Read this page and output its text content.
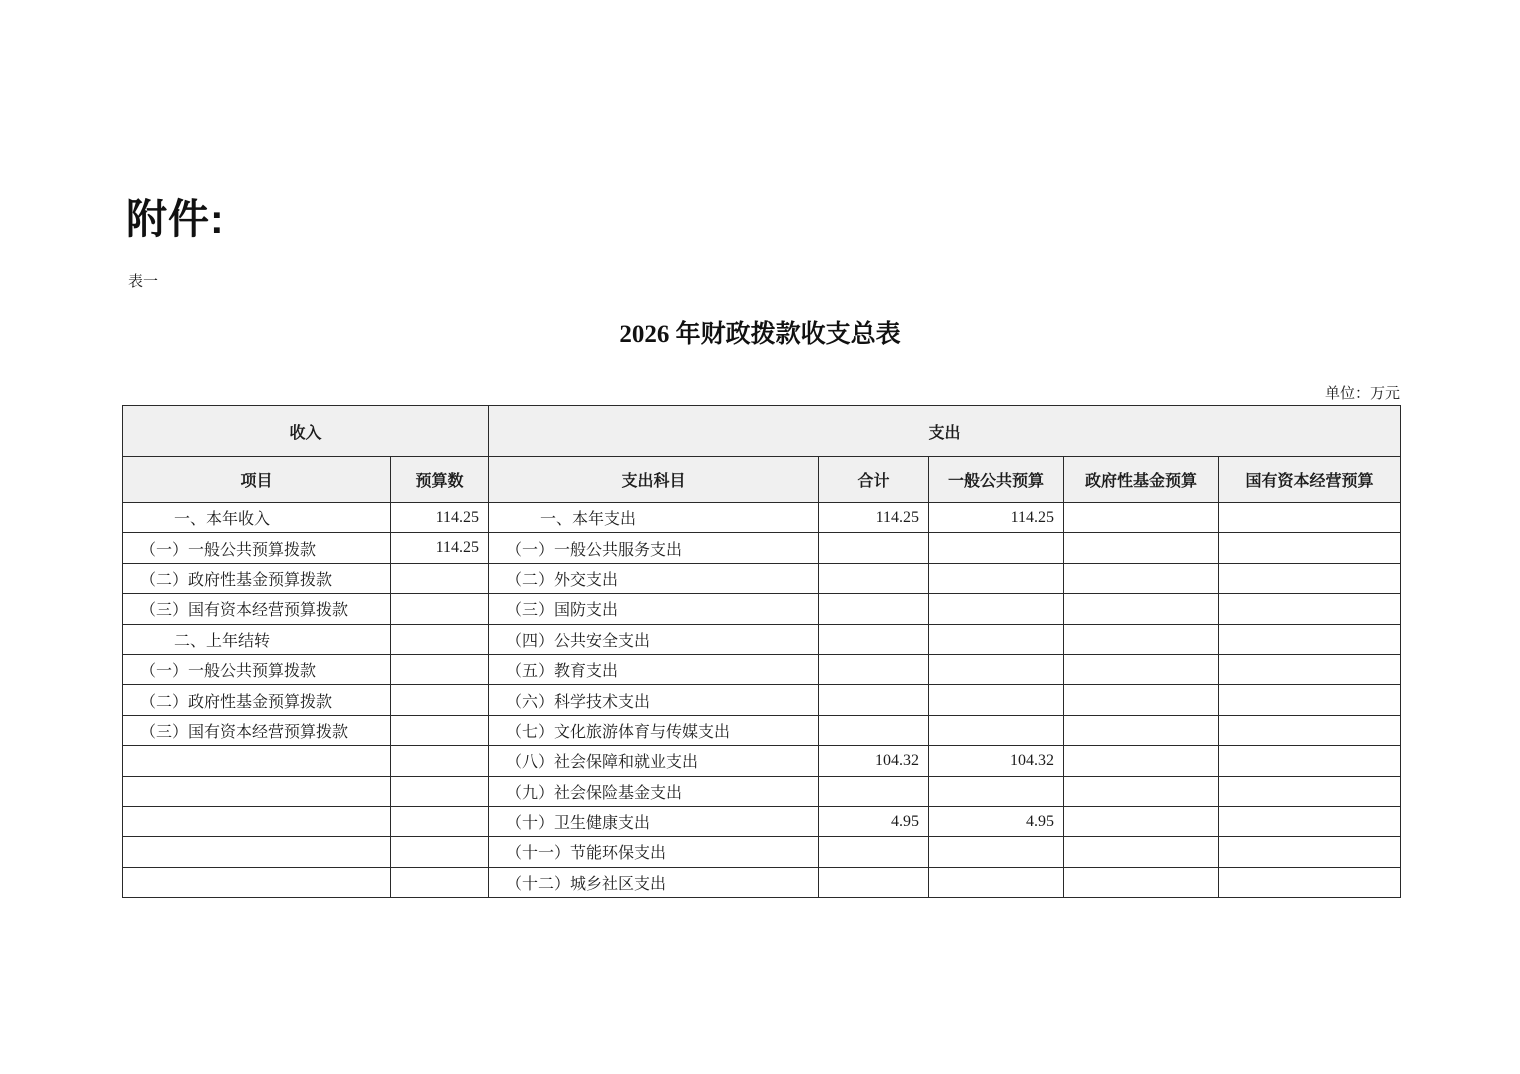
附件:
表一
2026 年财政拨款收支总表
单位：万元
收入		支出				
项目	预算数	支出科目	合计	一般公共预算	政府性基金预算	国有资本经营预算
一、本年收入	114.25	一、本年支出	114.25	114.25		
（一）一般公共预算拨款	114.25	（一）一般公共服务支出				
（二）政府性基金预算拨款		（二）外交支出				
（三）国有资本经营预算拨款		（三）国防支出				
二、上年结转		（四）公共安全支出				
（一）一般公共预算拨款		（五）教育支出				
（二）政府性基金预算拨款		（六）科学技术支出				
（三）国有资本经营预算拨款		（七）文化旅游体育与传媒支出				
		（八）社会保障和就业支出	104.32	104.32		
		（九）社会保险基金支出				
		（十）卫生健康支出	4.95	4.95		
		（十一）节能环保支出				
		（十二）城乡社区支出				
